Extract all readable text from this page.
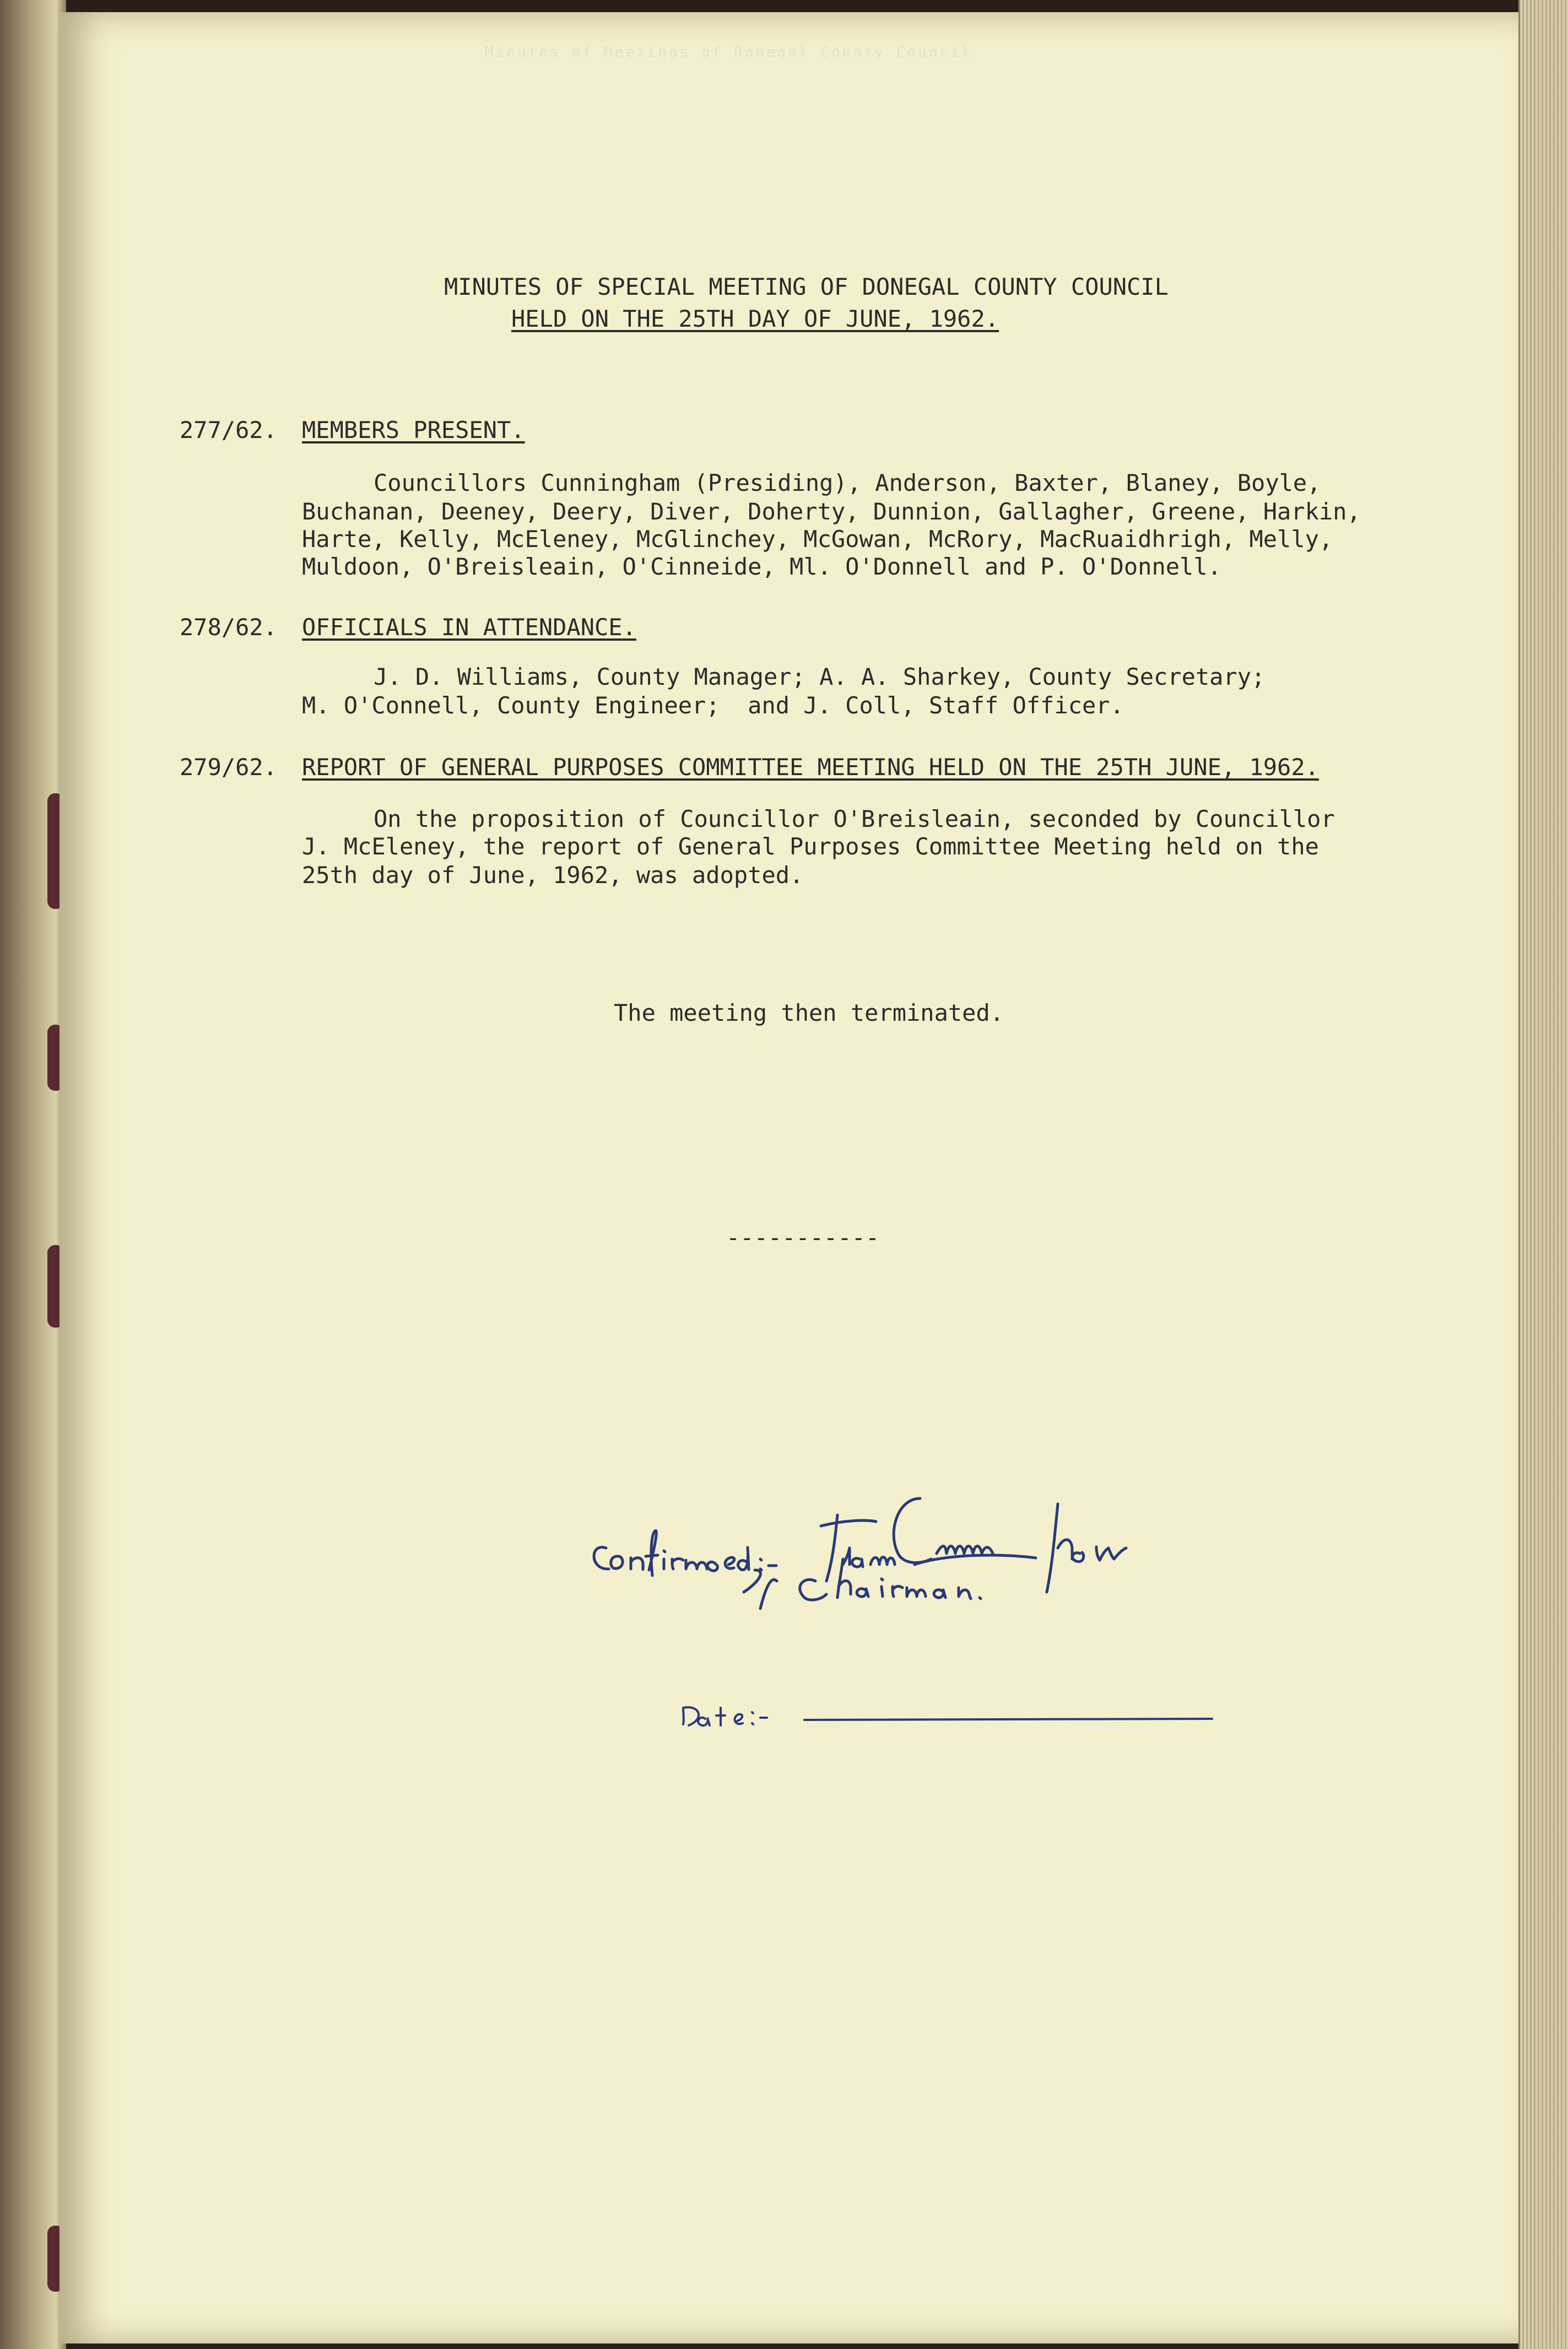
Minutes of Meetings of Donegal County Council
MINUTES OF SPECIAL MEETING OF DONEGAL COUNTY COUNCIL
HELD ON THE 25TH DAY OF JUNE, 1962.
277/62. MEMBERS PRESENT.
Councillors Cunningham (Presiding), Anderson, Baxter, Blaney, Boyle,
Buchanan, Deeney, Deery, Diver, Doherty, Dunnion, Gallagher, Greene, Harkin,
Harte, Kelly, McEleney, McGlinchey, McGowan, McRory, MacRuaidhrigh, Melly,
Muldoon, O'Breisleain, O'Cinneide, Ml. O'Donnell and P. O'Donnell.
278/62. OFFICIALS IN ATTENDANCE.
J. D. Williams, County Manager; A. A. Sharkey, County Secretary;
M. O'Connell, County Engineer;  and J. Coll, Staff Officer.
279/62. REPORT OF GENERAL PURPOSES COMMITTEE MEETING HELD ON THE 25TH JUNE, 1962.
On the proposition of Councillor O'Breisleain, seconded by Councillor
J. McEleney, the report of General Purposes Committee Meeting held on the
25th day of June, 1962, was adopted.
The meeting then terminated.
-----------
